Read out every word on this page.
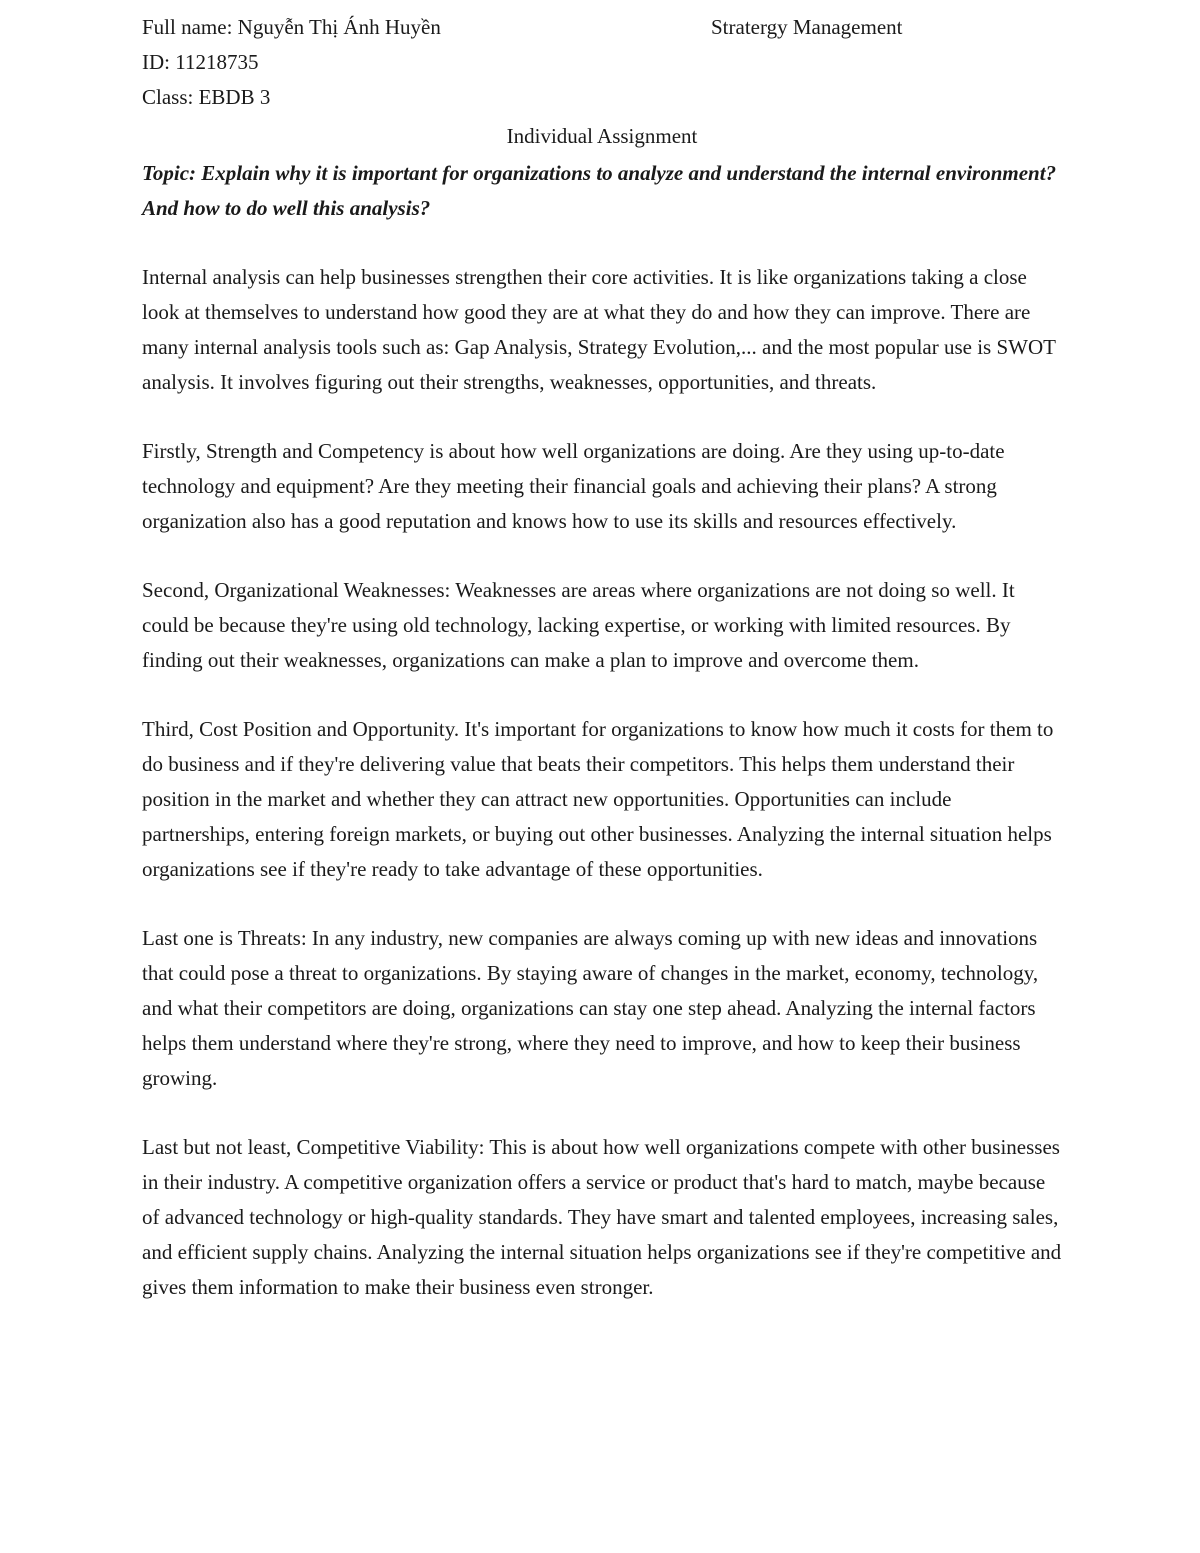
Full name: Nguyễn Thị Ánh Huyền	Stratergy Management
ID: 11218735
Class: EBDB 3
Individual Assignment

Topic: Explain why it is important for organizations to analyze and understand the internal environment? And how to do well this analysis?

Internal analysis can help businesses strengthen their core activities. It is like organizations taking a close look at themselves to understand how good they are at what they do and how they can improve. There are many internal analysis tools such as: Gap Analysis, Strategy Evolution,... and the most popular use is SWOT analysis. It involves figuring out their strengths, weaknesses, opportunities, and threats.

Firstly, Strength and Competency is about how well organizations are doing. Are they using up-to-date technology and equipment? Are they meeting their financial goals and achieving their plans? A strong organization also has a good reputation and knows how to use its skills and resources effectively.

Second, Organizational Weaknesses: Weaknesses are areas where organizations are not doing so well. It could be because they're using old technology, lacking expertise, or working with limited resources. By finding out their weaknesses, organizations can make a plan to improve and overcome them.

Third, Cost Position and Opportunity. It's important for organizations to know how much it costs for them to do business and if they're delivering value that beats their competitors. This helps them understand their position in the market and whether they can attract new opportunities. Opportunities can include partnerships, entering foreign markets, or buying out other businesses. Analyzing the internal situation helps organizations see if they're ready to take advantage of these opportunities.

Last one is Threats: In any industry, new companies are always coming up with new ideas and innovations that could pose a threat to organizations. By staying aware of changes in the market, economy, technology, and what their competitors are doing, organizations can stay one step ahead. Analyzing the internal factors helps them understand where they're strong, where they need to improve, and how to keep their business growing.

Last but not least, Competitive Viability: This is about how well organizations compete with other businesses in their industry. A competitive organization offers a service or product that's hard to match, maybe because of advanced technology or high-quality standards. They have smart and talented employees, increasing sales, and efficient supply chains. Analyzing the internal situation helps organizations see if they're competitive and gives them information to make their business even stronger.
